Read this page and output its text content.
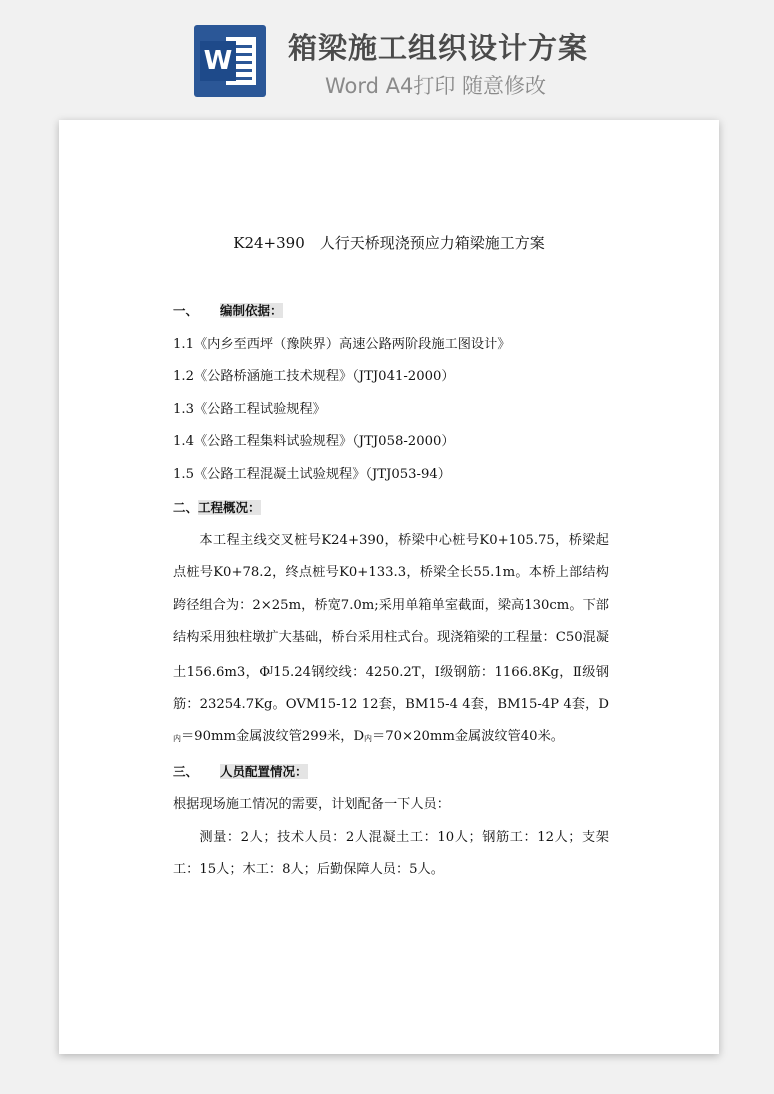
W 箱梁施工组织设计方案
Word A4打印 随意修改
K24+390　人行天桥现浇预应力箱梁施工方案

一、 编制依据：

1.1《内乡至西坪（豫陕界）高速公路两阶段施工图设计》

1.2《公路桥涵施工技术规程》（JTJ041-2000）

1.3《公路工程试验规程》

1.4《公路工程集料试验规程》（JTJ058-2000）

1.5《公路工程混凝土试验规程》（JTJ053-94）

二、工程概况：

本工程主线交叉桩号K24+390，桥梁中心桩号K0+105.75，桥梁起点桩号K0+78.2，终点桩号K0+133.3，桥梁全长55.1m。本桥上部结构跨径组合为：2×25m，桥宽7.0m;采用单箱单室截面，梁高130cm。下部结构采用独柱墩扩大基础，桥台采用柱式台。现浇箱梁的工程量：C50混凝土156.6m3，$\Phi^J15.24$钢绞线：4250.2T，Ⅰ级钢筋：1166.8Kg，Ⅱ级钢筋：23254.7Kg。OVM15-12 12套，BM15-4 4套，BM15-4P 4套，$D_内=90mm$金属波纹管299米，$D_内=70\times 20mm$金属波纹管40米。

三、 人员配置情况：

根据现场施工情况的需要，计划配备一下人员：

测量：2人；技术人员：2人混凝土工：10人；钢筋工：12人；支架工：15人；木工：8人；后勤保障人员：5人。
